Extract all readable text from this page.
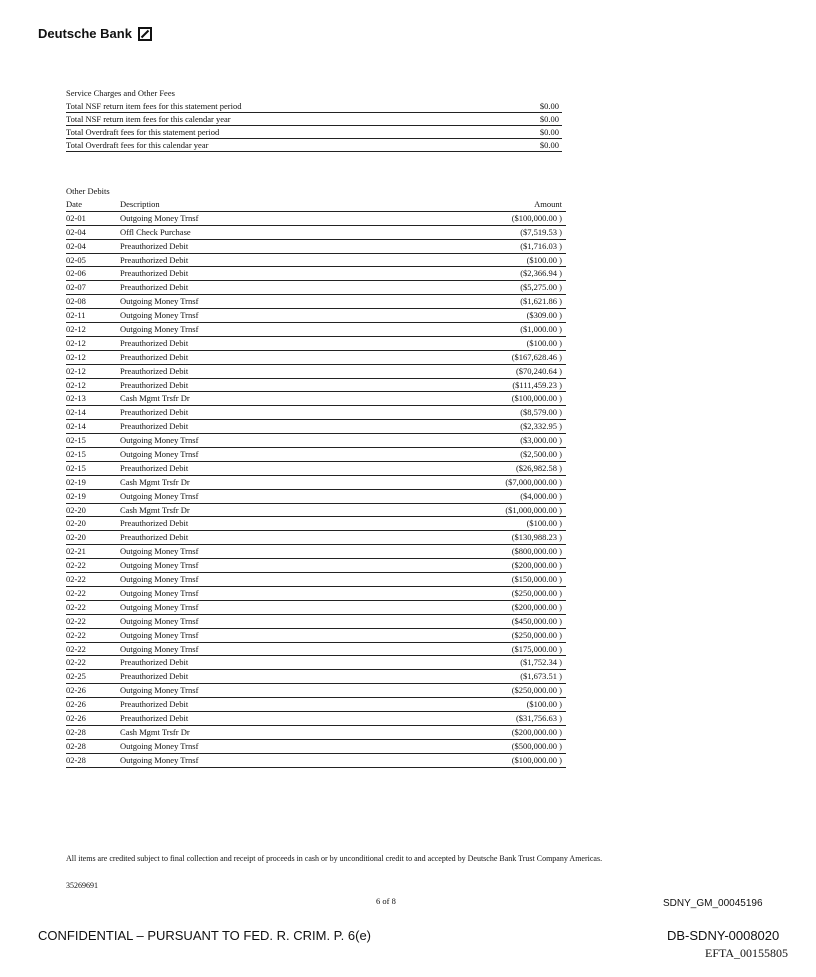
Deutsche Bank
Service Charges and Other Fees
Total NSF return item fees for this statement period	$0.00
Total NSF return item fees for this calendar year	$0.00
Total Overdraft fees for this statement period	$0.00
Total Overdraft fees for this calendar year	$0.00
Other Debits
Date	Description	Amount
02-01	Outgoing Money Trnsf	($100,000.00 )
02-04	Offl Check Purchase	($7,519.53 )
02-04	Preauthorized Debit	($1,716.03 )
02-05	Preauthorized Debit	($100.00 )
02-06	Preauthorized Debit	($2,366.94 )
02-07	Preauthorized Debit	($5,275.00 )
02-08	Outgoing Money Trnsf	($1,621.86 )
02-11	Outgoing Money Trnsf	($309.00 )
02-12	Outgoing Money Trnsf	($1,000.00 )
02-12	Preauthorized Debit	($100.00 )
02-12	Preauthorized Debit	($167,628.46 )
02-12	Preauthorized Debit	($70,240.64 )
02-12	Preauthorized Debit	($111,459.23 )
02-13	Cash Mgmt Trsfr Dr	($100,000.00 )
02-14	Preauthorized Debit	($8,579.00 )
02-14	Preauthorized Debit	($2,332.95 )
02-15	Outgoing Money Trnsf	($3,000.00 )
02-15	Outgoing Money Trnsf	($2,500.00 )
02-15	Preauthorized Debit	($26,982.58 )
02-19	Cash Mgmt Trsfr Dr	($7,000,000.00 )
02-19	Outgoing Money Trnsf	($4,000.00 )
02-20	Cash Mgmt Trsfr Dr	($1,000,000.00 )
02-20	Preauthorized Debit	($100.00 )
02-20	Preauthorized Debit	($130,988.23 )
02-21	Outgoing Money Trnsf	($800,000.00 )
02-22	Outgoing Money Trnsf	($200,000.00 )
02-22	Outgoing Money Trnsf	($150,000.00 )
02-22	Outgoing Money Trnsf	($250,000.00 )
02-22	Outgoing Money Trnsf	($200,000.00 )
02-22	Outgoing Money Trnsf	($450,000.00 )
02-22	Outgoing Money Trnsf	($250,000.00 )
02-22	Outgoing Money Trnsf	($175,000.00 )
02-22	Preauthorized Debit	($1,752.34 )
02-25	Preauthorized Debit	($1,673.51 )
02-26	Outgoing Money Trnsf	($250,000.00 )
02-26	Preauthorized Debit	($100.00 )
02-26	Preauthorized Debit	($31,756.63 )
02-28	Cash Mgmt Trsfr Dr	($200,000.00 )
02-28	Outgoing Money Trnsf	($500,000.00 )
02-28	Outgoing Money Trnsf	($100,000.00 )
All items are credited subject to final collection and receipt of proceeds in cash or by unconditional credit to and accepted by Deutsche Bank Trust Company Americas.
35269691
6 of 8	SDNY_GM_00045196
CONFIDENTIAL – PURSUANT TO FED. R. CRIM. P. 6(e)	DB-SDNY-0008020
EFTA_00155805
